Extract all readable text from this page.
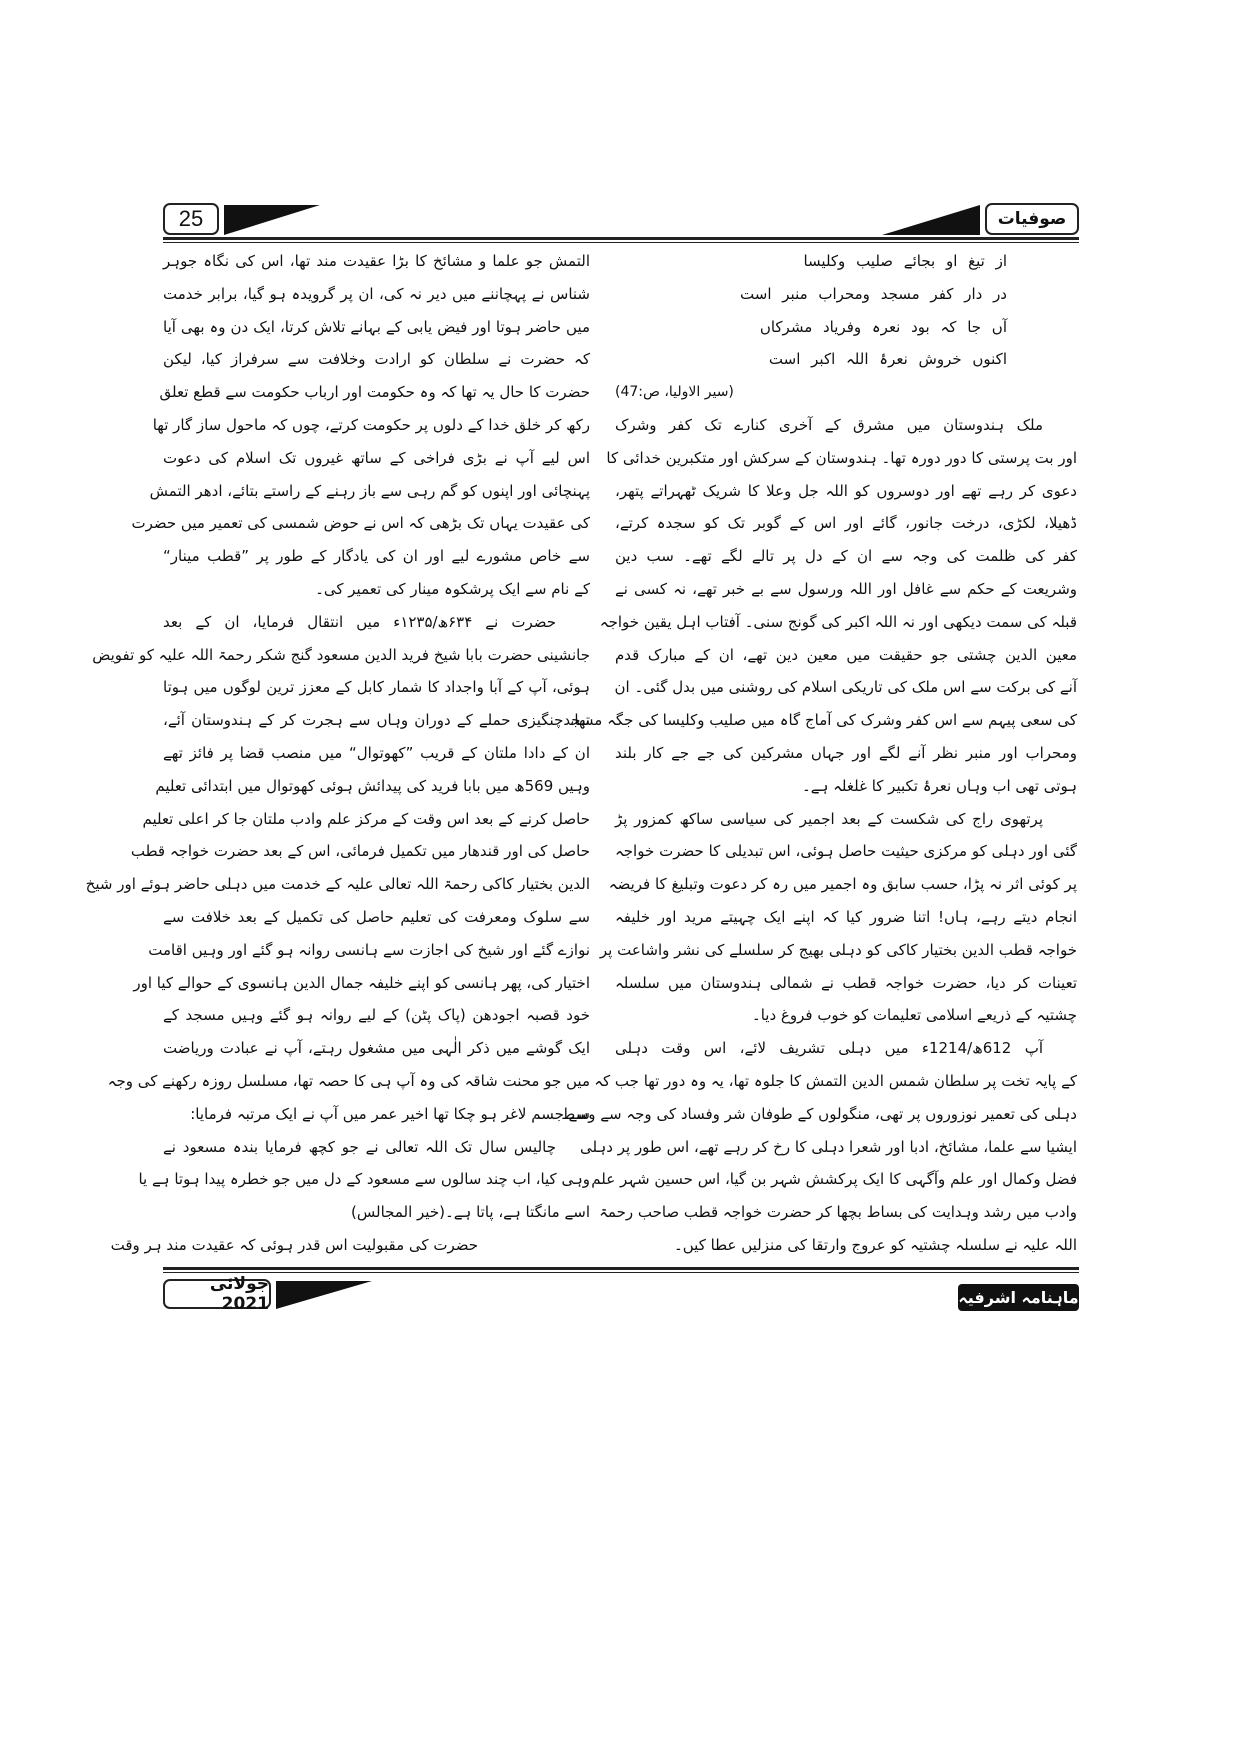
25	صوفیات
از تیغ او بجائے صلیب وکلیسا
در دار کفر مسجد ومحراب منبر است
آں جا کہ بود نعرہ وفریاد مشرکاں
اکنوں خروش نعرۂ اللہ اکبر است
(سیر الاولیا، ص:47)
ملک ہندوستان میں مشرق کے آخری کنارے تک کفر وشرک
اور بت پرستی کا دور دورہ تھا۔ ہندوستان کے سرکش اور متکبرین خدائی کا
دعوی کر رہے تھے اور دوسروں کو اللہ جل وعلا کا شریک ٹھہراتے پتھر،
ڈھیلا، لکڑی، درخت جانور، گائے اور اس کے گوبر تک کو سجدہ کرتے،
کفر کی ظلمت کی وجہ سے ان کے دل پر تالے لگے تھے۔ سب دین
وشریعت کے حکم سے غافل اور اللہ ورسول سے بے خبر تھے، نہ کسی نے
قبلہ کی سمت دیکھی اور نہ اللہ اکبر کی گونج سنی۔ آفتاب اہل یقین خواجہ
معین الدین چشتی جو حقیقت میں معین دین تھے، ان کے مبارک قدم
آنے کی برکت سے اس ملک کی تاریکی اسلام کی روشنی میں بدل گئی۔ ان
کی سعی پیہم سے اس کفر وشرک کی آماج گاہ میں صلیب وکلیسا کی جگہ مسجد
ومحراب اور منبر نظر آنے لگے اور جہاں مشرکین کی جے جے کار بلند
ہوتی تھی اب وہاں نعرۂ تکبیر کا غلغلہ ہے۔
پرتھوی راج کی شکست کے بعد اجمیر کی سیاسی ساکھ کمزور پڑ
گئی اور دہلی کو مرکزی حیثیت حاصل ہوئی، اس تبدیلی کا حضرت خواجہ
پر کوئی اثر نہ پڑا، حسب سابق وہ اجمیر میں رہ کر دعوت وتبلیغ کا فریضہ
انجام دیتے رہے، ہاں! اتنا ضرور کیا کہ اپنے ایک چہیتے مرید اور خلیفہ
خواجہ قطب الدین بختیار کاکی کو دہلی بھیج کر سلسلے کی نشر واشاعت پر
تعینات کر دیا، حضرت خواجہ قطب نے شمالی ہندوستان میں سلسلہ
چشتیہ کے ذریعے اسلامی تعلیمات کو خوب فروغ دیا۔
آپ 612ھ/1214ء میں دہلی تشریف لائے، اس وقت دہلی
کے پایہ تخت پر سلطان شمس الدین التمش کا جلوہ تھا، یہ وہ دور تھا جب کہ
دہلی کی تعمیر نوزوروں پر تھی، منگولوں کے طوفان شر وفساد کی وجہ سے وسط
ایشیا سے علما، مشائخ، ادبا اور شعرا دہلی کا رخ کر رہے تھے، اس طور پر دہلی
فضل وکمال اور علم وآگہی کا ایک پرکشش شہر بن گیا، اس حسین شہر علم
وادب میں رشد وہدایت کی بساط بچھا کر حضرت خواجہ قطب صاحب رحمۃ
اللہ علیہ نے سلسلہ چشتیہ کو عروج وارتقا کی منزلیں عطا کیں۔
التمش جو علما و مشائخ کا بڑا عقیدت مند تھا، اس کی نگاہ جوہر
شناس نے پہچاننے میں دیر نہ کی، ان پر گرویدہ ہو گیا، برابر خدمت
میں حاضر ہوتا اور فیض یابی کے بہانے تلاش کرتا، ایک دن وہ بھی آیا
کہ حضرت نے سلطان کو ارادت وخلافت سے سرفراز کیا، لیکن
حضرت کا حال یہ تھا کہ وہ حکومت اور ارباب حکومت سے قطع تعلق
رکھ کر خلق خدا کے دلوں پر حکومت کرتے، چوں کہ ماحول ساز گار تھا
اس لیے آپ نے بڑی فراخی کے ساتھ غیروں تک اسلام کی دعوت
پہنچائی اور اپنوں کو گم رہی سے باز رہنے کے راستے بتائے، ادھر التمش
کی عقیدت یہاں تک بڑھی کہ اس نے حوض شمسی کی تعمیر میں حضرت
سے خاص مشورے لیے اور ان کی یادگار کے طور پر ”قطب مینار“
کے نام سے ایک پرشکوہ مینار کی تعمیر کی۔
حضرت نے ۶۳۴ھ/۱۲۳۵ء میں انتقال فرمایا، ان کے بعد
جانشینی حضرت بابا شیخ فرید الدین مسعود گنج شکر رحمۃ اللہ علیہ کو تفویض
ہوئی، آپ کے آبا واجداد کا شمار کابل کے معزز ترین لوگوں میں ہوتا
تھا، چنگیزی حملے کے دوران وہاں سے ہجرت کر کے ہندوستان آئے،
ان کے دادا ملتان کے قریب ”کھوتوال“ میں منصب قضا پر فائز تھے
وہیں 569ھ میں بابا فرید کی پیدائش ہوئی کھوتوال میں ابتدائی تعلیم
حاصل کرنے کے بعد اس وقت کے مرکز علم وادب ملتان جا کر اعلی تعلیم
حاصل کی اور قندھار میں تکمیل فرمائی، اس کے بعد حضرت خواجہ قطب
الدین بختیار کاکی رحمۃ اللہ تعالی علیہ کے خدمت میں دہلی حاضر ہوئے اور شیخ
سے سلوک ومعرفت کی تعلیم حاصل کی تکمیل کے بعد خلافت سے
نوازے گئے اور شیخ کی اجازت سے ہانسی روانہ ہو گئے اور وہیں اقامت
اختیار کی، پھر ہانسی کو اپنے خلیفہ جمال الدین ہانسوی کے حوالے کیا اور
خود قصبہ اجودھن (پاک پٹن) کے لیے روانہ ہو گئے وہیں مسجد کے
ایک گوشے میں ذکر الٰہی میں مشغول رہتے، آپ نے عبادت وریاضت
میں جو محنت شاقہ کی وہ آپ ہی کا حصہ تھا، مسلسل روزہ رکھنے کی وجہ
سے جسم لاغر ہو چکا تھا اخیر عمر میں آپ نے ایک مرتبہ فرمایا:
چالیس سال تک اللہ تعالی نے جو کچھ فرمایا بندہ مسعود نے
وہی کیا، اب چند سالوں سے مسعود کے دل میں جو خطرہ پیدا ہوتا ہے یا
اسے مانگتا ہے، پاتا ہے۔(خیر المجالس)
حضرت کی مقبولیت اس قدر ہوئی کہ عقیدت مند ہر وقت
جولائی 2021	ماہنامہ اشرفیہ
